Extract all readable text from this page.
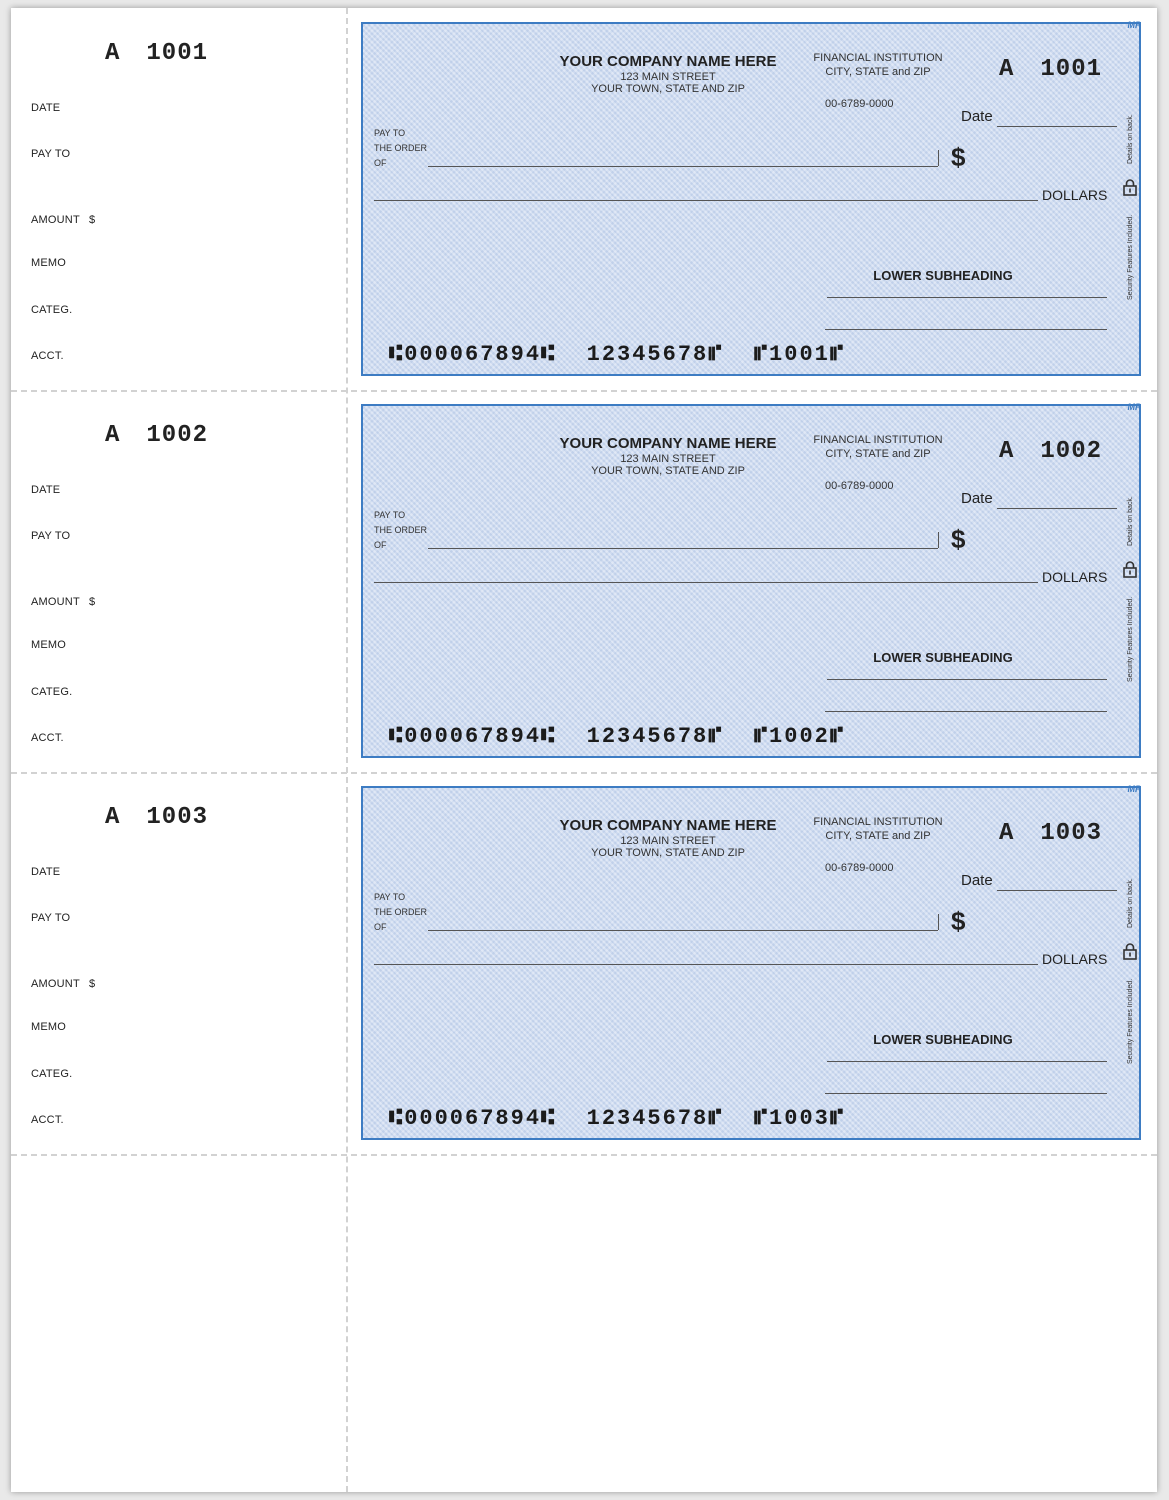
A 1001
DATE
PAY TO
AMOUNT $
MEMO
CATEG.
ACCT.
MP
YOUR COMPANY NAME HERE
123 MAIN STREET
YOUR TOWN, STATE AND ZIP
FINANCIAL INSTITUTION
CITY, STATE and ZIP
00-6789-0000
A 1001
Date
PAY TO
THE ORDER
OF	$
DOLLARS
Details on back.
Security Features Included.
LOWER SUBHEADING
⑆000067894⑆  12345678⑈  ⑈1001⑈
A 1002
DATE
PAY TO
AMOUNT $
MEMO
CATEG.
ACCT.
MP
YOUR COMPANY NAME HERE
123 MAIN STREET
YOUR TOWN, STATE AND ZIP
FINANCIAL INSTITUTION
CITY, STATE and ZIP
00-6789-0000
A 1002
Date
PAY TO
THE ORDER
OF	$
DOLLARS
Details on back.
Security Features Included.
LOWER SUBHEADING
⑆000067894⑆  12345678⑈  ⑈1002⑈
A 1003
DATE
PAY TO
AMOUNT $
MEMO
CATEG.
ACCT.
MP
YOUR COMPANY NAME HERE
123 MAIN STREET
YOUR TOWN, STATE AND ZIP
FINANCIAL INSTITUTION
CITY, STATE and ZIP
00-6789-0000
A 1003
Date
PAY TO
THE ORDER
OF	$
DOLLARS
Details on back.
Security Features Included.
LOWER SUBHEADING
⑆000067894⑆  12345678⑈  ⑈1003⑈
